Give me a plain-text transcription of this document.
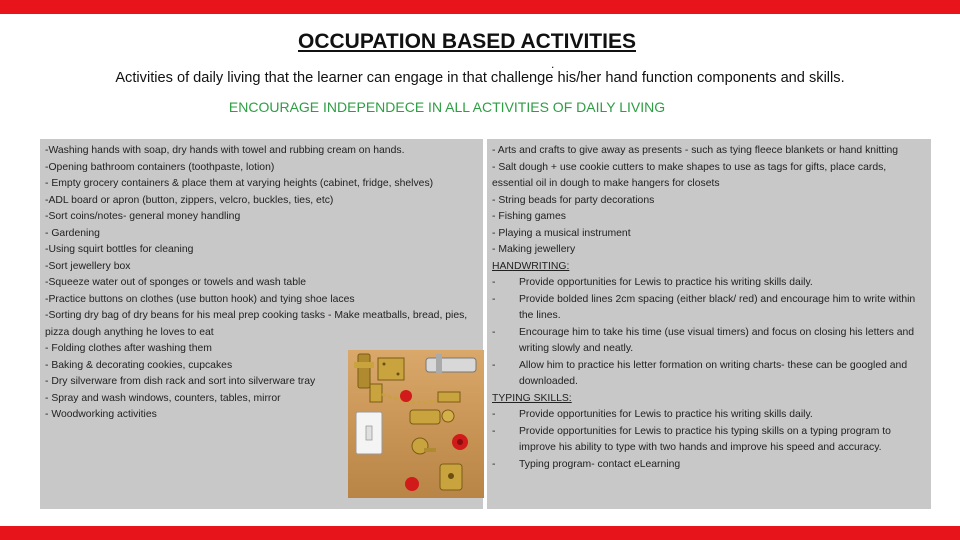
OCCUPATION BASED ACTIVITIES
.
Activities of daily living that the learner can engage in that challenge his/her hand function components and skills.
ENCOURAGE INDEPENDECE IN ALL ACTIVITIES OF DAILY LIVING
-Washing hands with soap, dry hands with towel and rubbing cream on hands.
-Opening bathroom containers (toothpaste, lotion)
- Empty grocery containers & place them at varying heights (cabinet, fridge, shelves)
-ADL board or apron (button, zippers, velcro, buckles, ties, etc)
-Sort coins/notes- general money handling
- Gardening
-Using squirt bottles for cleaning
-Sort jewellery box
-Squeeze water out of sponges or towels and wash table
-Practice buttons on clothes (use button hook) and tying shoe laces
-Sorting dry bag of dry beans for his meal prep cooking tasks - Make meatballs, bread, pies, pizza dough anything he loves to eat
- Folding clothes after washing them
- Baking & decorating cookies, cupcakes
- Dry silverware from dish rack and sort into silverware tray
- Spray and wash windows, counters, tables, mirror
- Woodworking activities
- Arts and crafts to give away as presents - such as tying fleece blankets or hand knitting
- Salt dough + use cookie cutters to make shapes to use as tags for gifts, place cards, essential oil in dough to make hangers for closets
- String beads for party decorations
- Fishing games
- Playing a musical instrument
- Making jewellery
HANDWRITING:
-	Provide opportunities for Lewis to practice his writing skills daily.
-	Provide bolded lines 2cm spacing (either black/ red) and encourage him to write within the lines.
-	Encourage him to take his time (use visual timers) and focus on closing his letters and writing slowly and neatly.
-	Allow him to practice his letter formation on writing charts- these can be googled and downloaded.
TYPING SKILLS:
-	Provide opportunities for Lewis to practice his writing skills daily.
-	Provide opportunities for Lewis to practice his typing skills on a typing program to improve his ability to type with two hands and improve his speed and accuracy.
-	Typing program- contact eLearning
